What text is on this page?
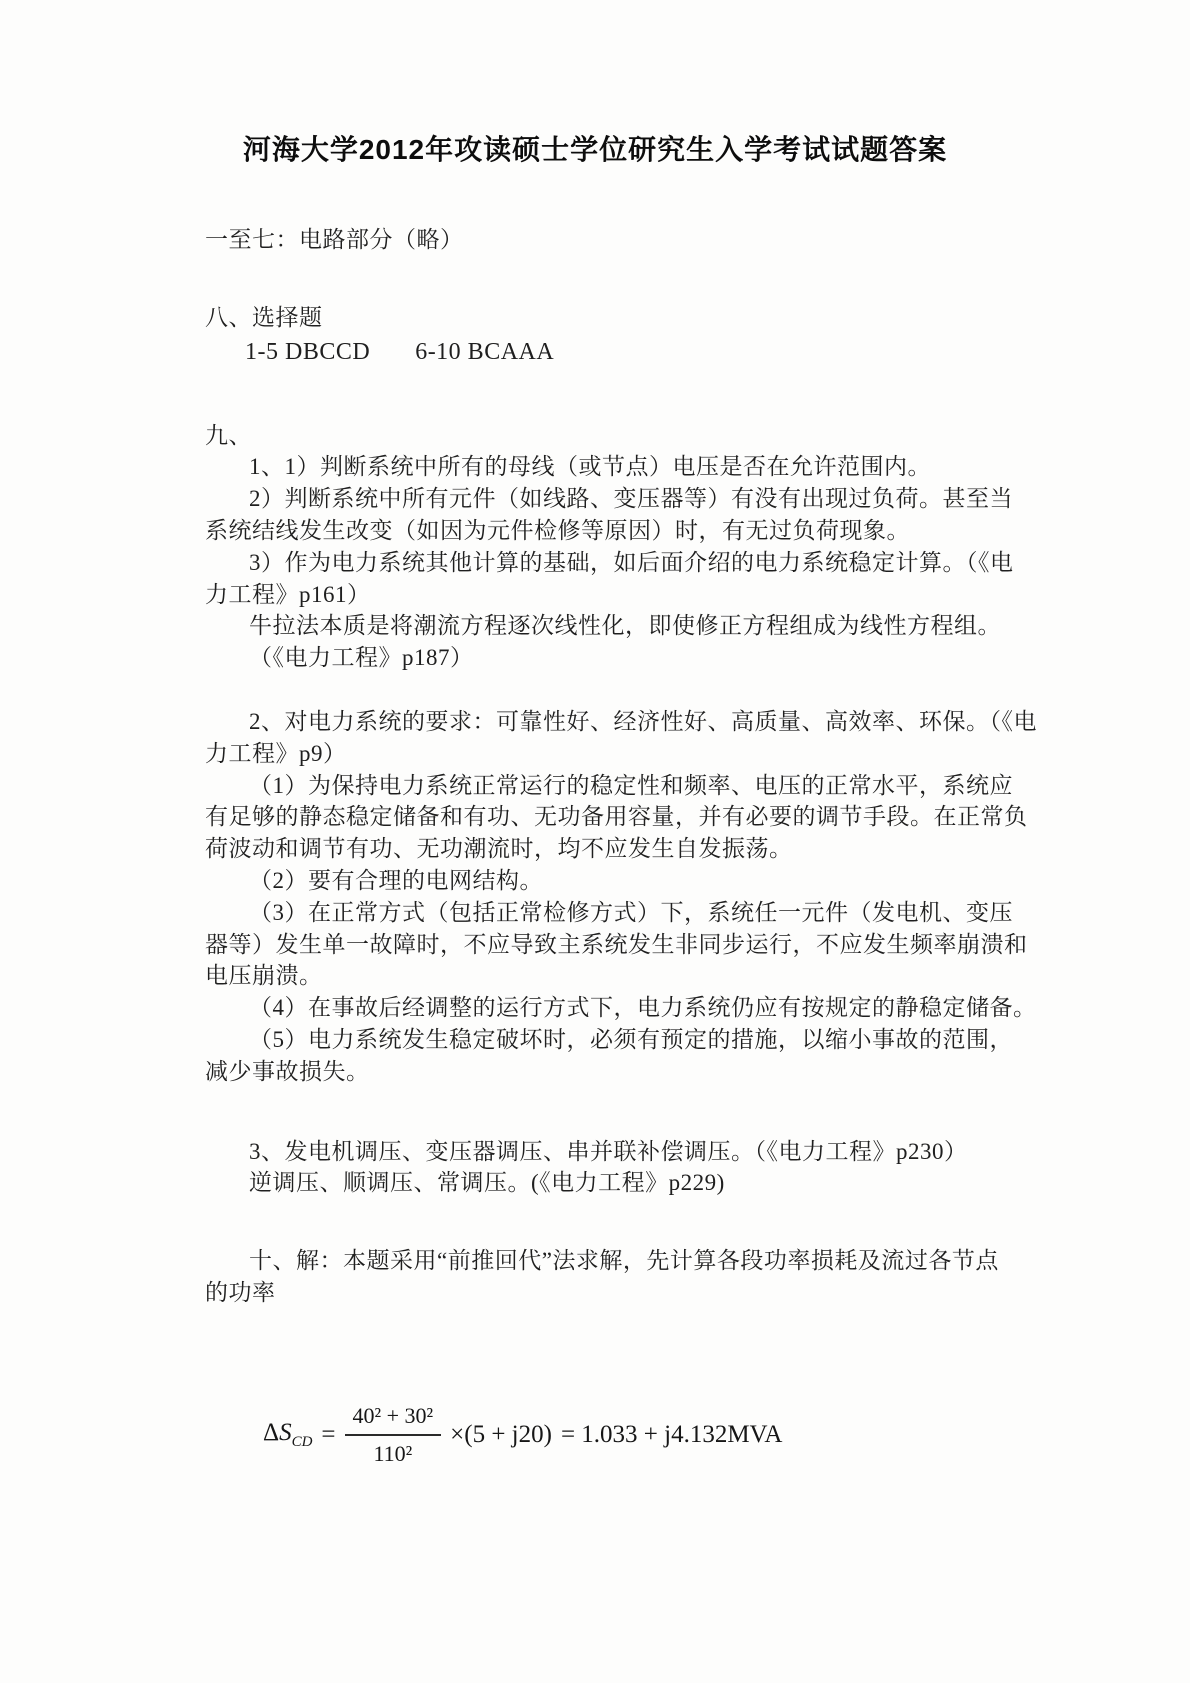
河海大学2012年攻读硕士学位研究生入学考试试题答案
一至七：电路部分（略）
八、选择题
1-5 DBCCD 6-10 BCAAA
九、
1、1）判断系统中所有的母线（或节点）电压是否在允许范围内。
2）判断系统中所有元件（如线路、变压器等）有没有出现过负荷。甚至当
系统结线发生改变（如因为元件检修等原因）时，有无过负荷现象。
3）作为电力系统其他计算的基础，如后面介绍的电力系统稳定计算。（《电
力工程》p161）
牛拉法本质是将潮流方程逐次线性化，即使修正方程组成为线性方程组。
（《电力工程》p187）
2、对电力系统的要求：可靠性好、经济性好、高质量、高效率、环保。（《电
力工程》p9）
（1）为保持电力系统正常运行的稳定性和频率、电压的正常水平，系统应
有足够的静态稳定储备和有功、无功备用容量，并有必要的调节手段。在正常负
荷波动和调节有功、无功潮流时，均不应发生自发振荡。
（2）要有合理的电网结构。
（3）在正常方式（包括正常检修方式）下，系统任一元件（发电机、变压
器等）发生单一故障时，不应导致主系统发生非同步运行，不应发生频率崩溃和
电压崩溃。
（4）在事故后经调整的运行方式下，电力系统仍应有按规定的静稳定储备。
（5）电力系统发生稳定破坏时，必须有预定的措施，以缩小事故的范围，
减少事故损失。
3、发电机调压、变压器调压、串并联补偿调压。（《电力工程》p230）
逆调压、顺调压、常调压。(《电力工程》p229)
十、解：本题采用“前推回代”法求解，先计算各段功率损耗及流过各节点
的功率
$\Delta S_{CD} = \frac{\text{40² + 30²}}{\text{110²}} \times(5 + j20) = 1.033 + j4.132MVA$
